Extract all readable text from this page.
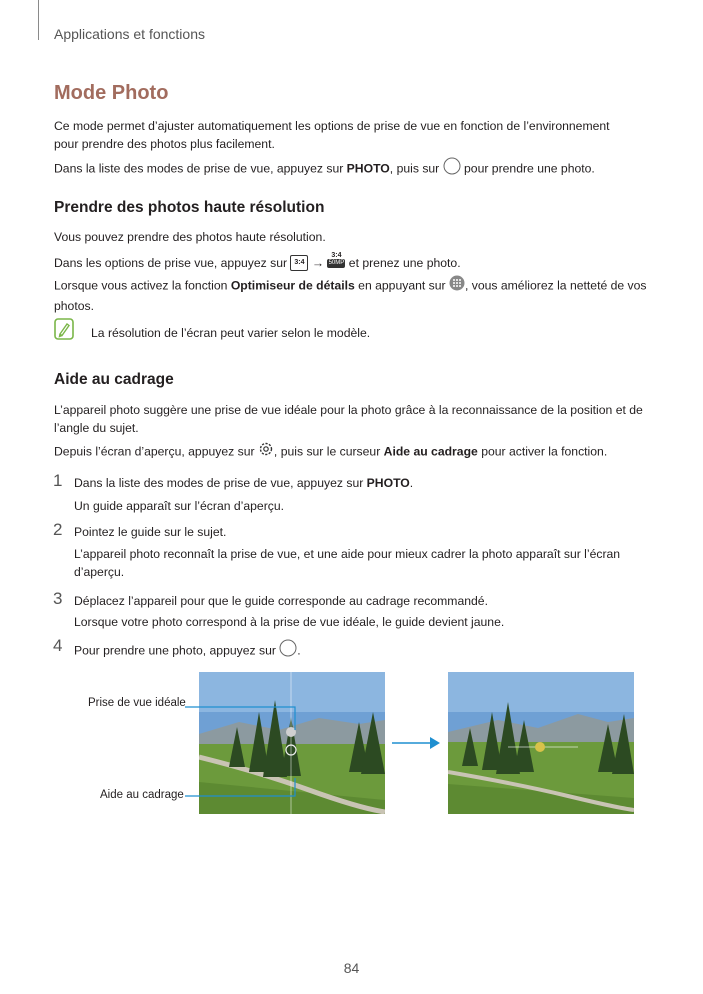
Applications et fonctions

Mode Photo

Ce mode permet d’ajuster automatiquement les options de prise de vue en fonction de l’environnement
pour prendre des photos plus facilement.

Dans la liste des modes de prise de vue, appuyez sur PHOTO, puis sur  pour prendre une photo.

Prendre des photos haute résolution

Vous pouvez prendre des photos haute résolution.

Dans les options de prise vue, appuyez sur 3:4 →
3:4
50MP et prenez une photo.

Lorsque vous activez la fonction Optimiseur de détails en appuyant sur , vous améliorez la netteté de vos
photos.

La résolution de l’écran peut varier selon le modèle.

Aide au cadrage

L’appareil photo suggère une prise de vue idéale pour la photo grâce à la reconnaissance de la position et de
l’angle du sujet.

Depuis l’écran d’aperçu, appuyez sur , puis sur le curseur Aide au cadrage pour activer la fonction.

1 Dans la liste des modes de prise de vue, appuyez sur PHOTO.

Un guide apparaît sur l’écran d’aperçu.

2 Pointez le guide sur le sujet.

L’appareil photo reconnaît la prise de vue, et une aide pour mieux cadrer la photo apparaît sur l’écran
d’aperçu.

3 Déplacez l’appareil pour que le guide corresponde au cadrage recommandé.

Lorsque votre photo correspond à la prise de vue idéale, le guide devient jaune.

4 Pour prendre une photo, appuyez sur .

Prise de vue idéale
Aide au cadrage

84
